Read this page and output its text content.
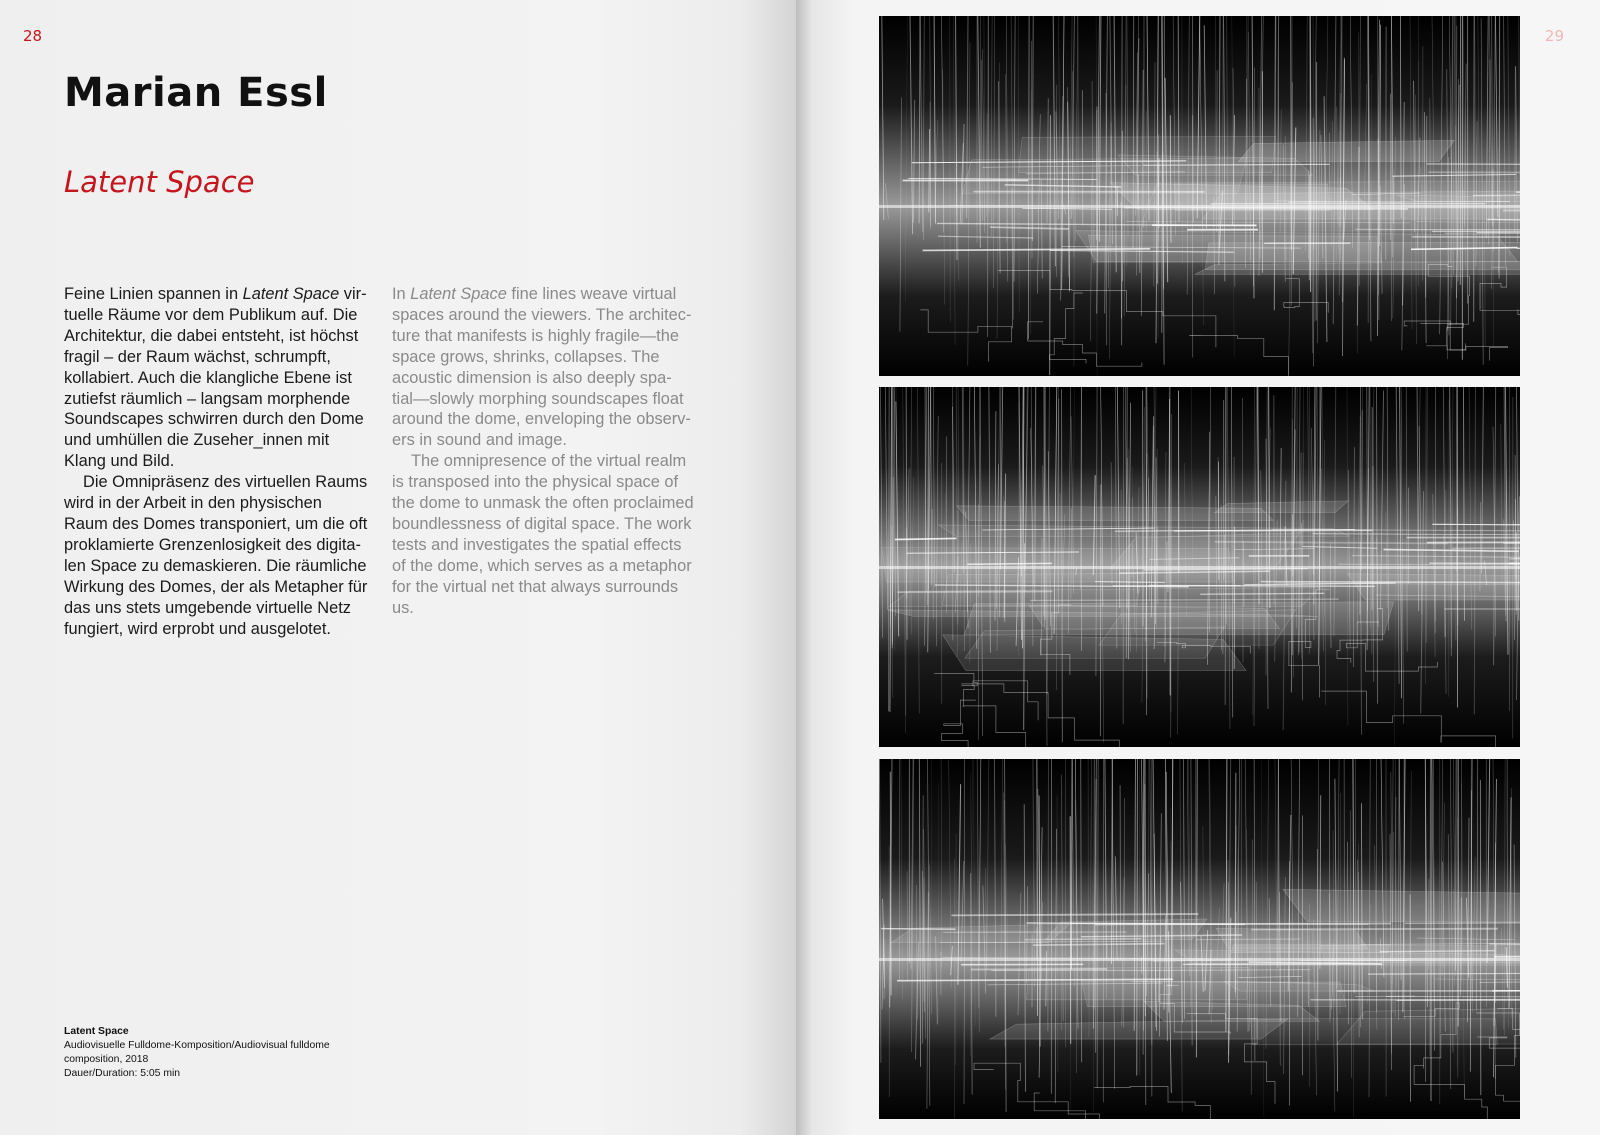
28
Marian Essl
Latent Space
Feine Linien spannen in Latent Space vir-
tuelle Räume vor dem Publikum auf. Die
Architektur, die dabei entsteht, ist höchst
fragil – der Raum wächst, schrumpft,
kollabiert. Auch die klangliche Ebene ist
zutiefst räumlich – langsam morphende
Soundscapes schwirren durch den Dome
und umhüllen die Zuseher_innen mit
Klang und Bild.
Die Omnipräsenz des virtuellen Raums
wird in der Arbeit in den physischen
Raum des Domes transponiert, um die oft
proklamierte Grenzenlosigkeit des digita-
len Space zu demaskieren. Die räumliche
Wirkung des Domes, der als Metapher für
das uns stets umgebende virtuelle Netz
fungiert, wird erprobt und ausgelotet.
In Latent Space fine lines weave virtual
spaces around the viewers. The architec-
ture that manifests is highly fragile—the
space grows, shrinks, collapses. The
acoustic dimension is also deeply spa-
tial—slowly morphing soundscapes float
around the dome, enveloping the observ-
ers in sound and image.
The omnipresence of the virtual realm
is transposed into the physical space of
the dome to unmask the often proclaimed
boundlessness of digital space. The work
tests and investigates the spatial effects
of the dome, which serves as a metaphor
for the virtual net that always surrounds
us.
Latent Space
Audiovisuelle Fulldome-Komposition/Audiovisual fulldome
composition, 2018
Dauer/Duration: 5:05 min
29
